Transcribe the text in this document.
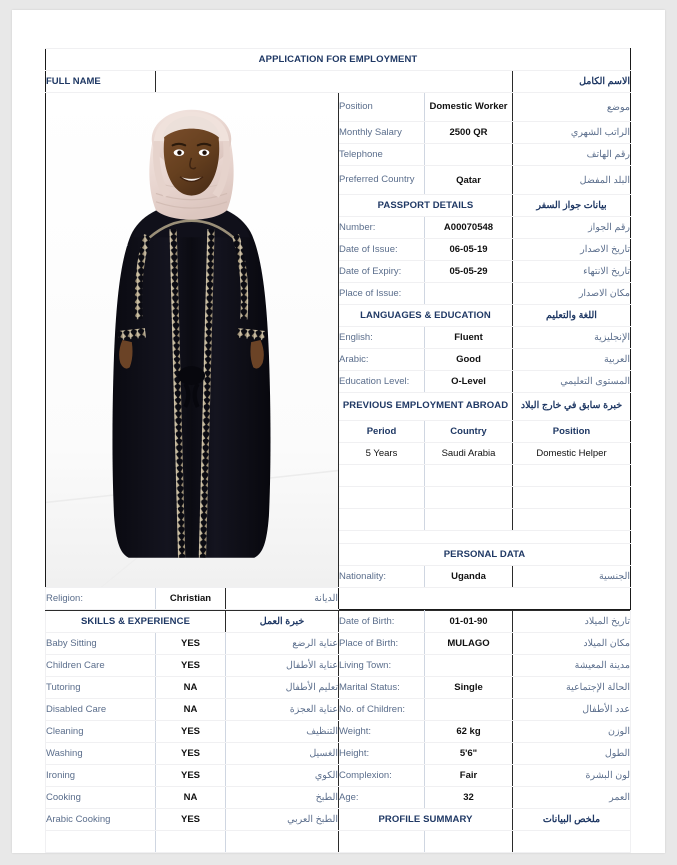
APPLICATION FOR EMPLOYMENT					
FULL NAME					الاسم الكامل

	Position	Domestic Worker	موضع
			Monthly Salary	2500 QR	الراتب الشهري
			Telephone		رقم الهاتف
			Preferred Country	Qatar	البلد المفضل
			PASSPORT DETAILS		بيانات جواز السفر
			Number:	A00070548	رقم الجواز
			Date of Issue:	06-05-19	تاريخ الاصدار
			Date of Expiry:	05-05-29	تاريخ الانتهاء
			Place of Issue:		مكان الاصدار
			LANGUAGES & EDUCATION		اللغة والتعليم
			English:	Fluent	الإنجليزية
			Arabic:	Good	العربية
			Education Level:	O-Level	المستوى التعليمي
			PREVIOUS EMPLOYMENT ABROAD		خبرة سابق في خارج البلاد
			Period	Country	Position
			5 Years	Saudi Arabia	Domestic Helper

			PERSONAL DATA		
			Nationality:	Uganda	الجنسية
Religion:	Christian	الديانة			
SKILLS & EXPERIENCE		خبرة العمل	Date of Birth:	01-01-90	تاريخ الميلاد
Baby Sitting	YES	عناية الرضع	Place of Birth:	MULAGO	مكان الميلاد
Children Care	YES	عناية الأطفال	Living Town:		مدينة المعيشة
Tutoring	NA	تعليم الأطفال	Marital Status:	Single	الحالة الإجتماعية
Disabled Care	NA	عناية العجزة	No. of Children:		عدد الأطفال
Cleaning	YES	التنظيف	Weight:	62 kg	الوزن
Washing	YES	الغسيل	Height:	5'6"	الطول
Ironing	YES	الكوي	Complexion:	Fair	لون البشرة
Cooking	NA	الطبخ	Age:	32	العمر
Arabic Cooking	YES	الطبخ العربي	PROFILE SUMMARY		ملخص البيانات
